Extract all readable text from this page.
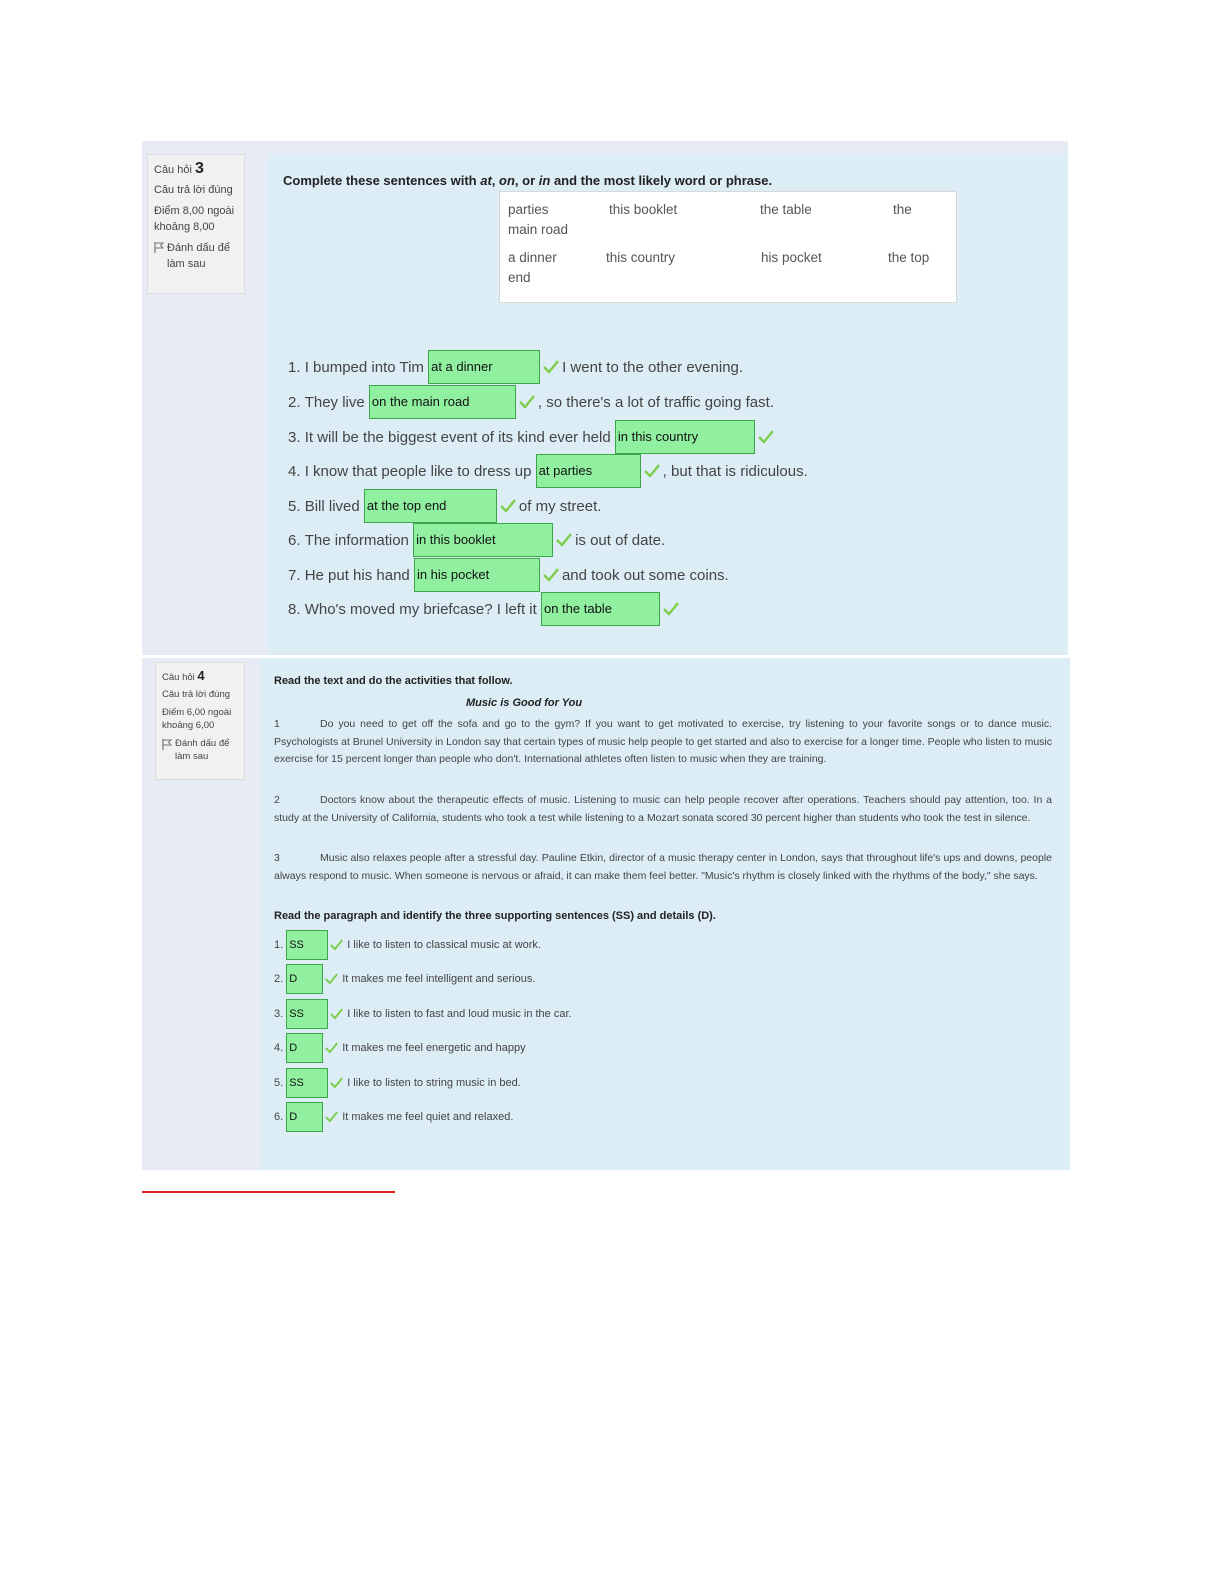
Câu hỏi 3
Câu trả lời đúng
Điểm 8,00 ngoài khoảng 8,00
Đánh dấu để làm sau
Complete these sentences with at, on, or in and the most likely word or phrase.
parties	this booklet	the table	the
main road
a dinner	this country	his pocket	the top
end
1.
I bumped into Tim
at a dinner	I went to the other evening.
2.
They live
on the main road	, so there's a lot of traffic going fast.
3.
It will be the biggest event of its kind ever held
in this country
4.
I know that people like to dress up
at parties	, but that is ridiculous.
5.
Bill lived
at the top end	of my street.
6.
The information
in this booklet	is out of date.
7.
He put his hand
in his pocket	and took out some coins.
8.
Who's moved my briefcase? I left it
on the table
Câu hỏi 4
Câu trả lời đúng
Điểm 6,00 ngoài khoảng 6,00
Đánh dấu để làm sau
Read the text and do the activities that follow.
Music is Good for You
1	Do you need to get off the sofa and go to the gym? If you want to get motivated to exercise, try listening to your favorite songs or to dance music. Psychologists at Brunel University in London say that certain types of music help people to get started and also to exercise for a longer time. People who listen to music exercise for 15 percent longer than people who don't. International athletes often listen to music when they are training.
2	Doctors know about the therapeutic effects of music. Listening to music can help people recover after operations. Teachers should pay attention, too. In a study at the University of California, students who took a test while listening to a Mozart sonata scored 30 percent higher than students who took the test in silence.
3	Music also relaxes people after a stressful day. Pauline Etkin, director of a music therapy center in London, says that throughout life's ups and downs, people always respond to music. When someone is nervous or afraid, it can make them feel better. "Music's rhythm is closely linked with the rhythms of the body," she says.
Read the paragraph and identify the three supporting sentences (SS) and details (D).
1. SS	I like to listen to classical music at work.
2. D	It makes me feel intelligent and serious.
3. SS	I like to listen to fast and loud music in the car.
4. D	It makes me feel energetic and happy
5. SS	I like to listen to string music in bed.
6. D	It makes me feel quiet and relaxed.
